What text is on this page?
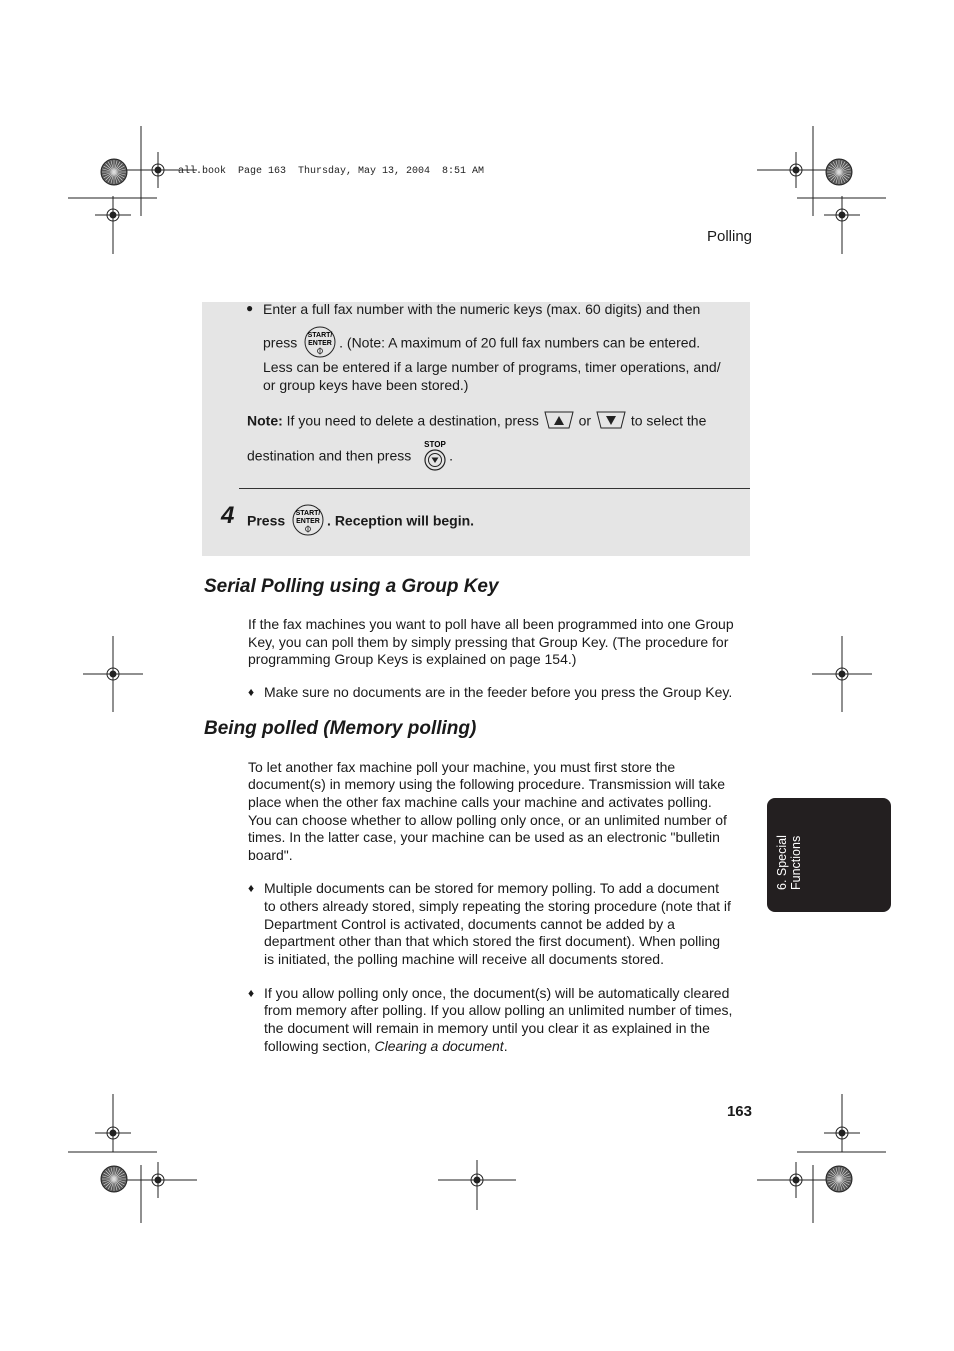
all.book  Page 163  Thursday, May 13, 2004  8:51 AM
Polling
● Enter a full fax number with the numeric keys (max. 60 digits) and then
press START/
ENTER . (Note: A maximum of 20 full fax numbers can be entered.
Less can be entered if a large number of programs, timer operations, and/
or group keys have been stored.)
Note: If you need to delete a destination, press	or	to select the
destination and then press
STOP
.
4 Press START/
ENTER . Reception will begin.
Serial Polling using a Group Key
If the fax machines you want to poll have all been programmed into one Group
Key, you can poll them by simply pressing that Group Key. (The procedure for
programming Group Keys is explained on page 154.)
♦ Make sure no documents are in the feeder before you press the Group Key.
Being polled (Memory polling)
To let another fax machine poll your machine, you must first store the
document(s) in memory using the following procedure. Transmission will take
place when the other fax machine calls your machine and activates polling.
You can choose whether to allow polling only once, or an unlimited number of
times. In the latter case, your machine can be used as an electronic "bulletin
board".
♦ Multiple documents can be stored for memory polling. To add a document
to others already stored, simply repeating the storing procedure (note that if
Department Control is activated, documents cannot be added by a
department other than that which stored the first document). When polling
is initiated, the polling machine will receive all documents stored.
♦ If you allow polling only once, the document(s) will be automatically cleared
from memory after polling. If you allow polling an unlimited number of times,
the document will remain in memory until you clear it as explained in the
following section, Clearing a document.
6. Special Functions
163
